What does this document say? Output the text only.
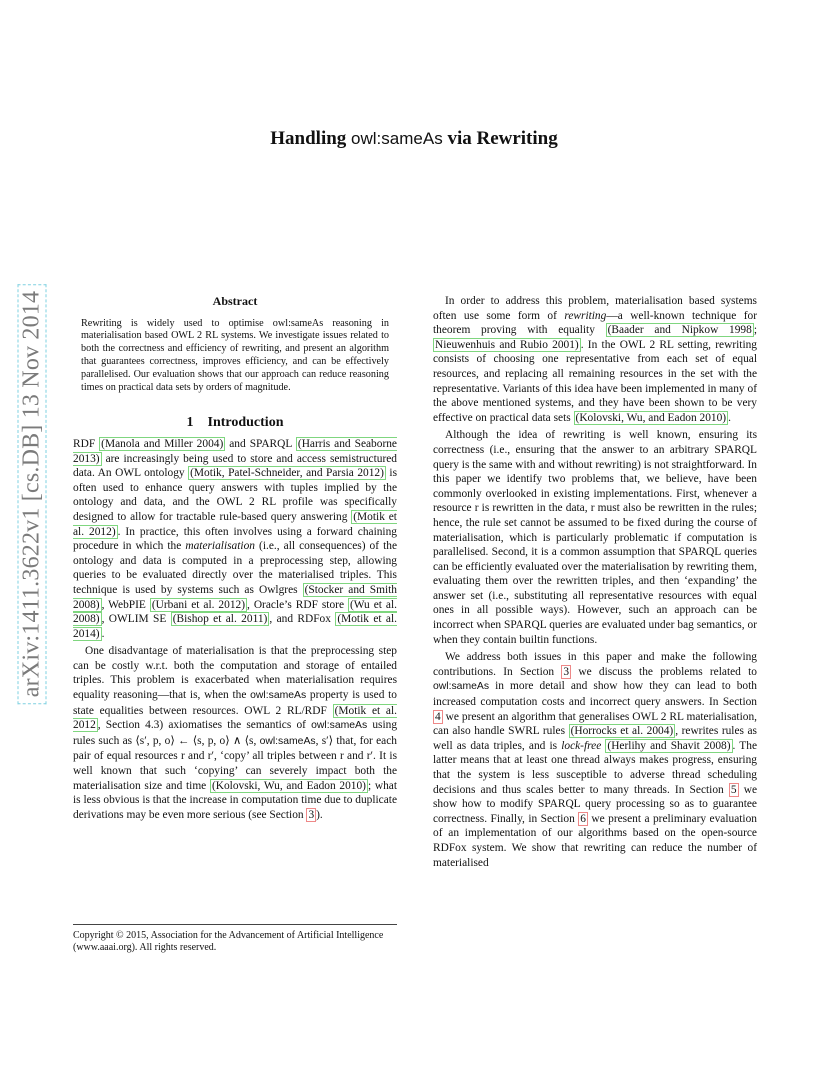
arXiv:1411.3622v1 [cs.DB] 13 Nov 2014
Handling owl:sameAs via Rewriting
Abstract

Rewriting is widely used to optimise owl:sameAs reasoning in materialisation based OWL 2 RL systems. We investigate issues related to both the correctness and efficiency of rewriting, and present an algorithm that guarantees correctness, improves efficiency, and can be effectively parallelised. Our evaluation shows that our approach can reduce reasoning times on practical data sets by orders of magnitude.

1 Introduction

RDF (Manola and Miller 2004) and SPARQL (Harris and Seaborne 2013) are increasingly being used to store and access semistructured data. An OWL ontology (Motik, Patel-Schneider, and Parsia 2012) is often used to enhance query answers with tuples implied by the ontology and data, and the OWL 2 RL profile was specifically designed to allow for tractable rule-based query answering (Motik et al. 2012) . In practice, this often involves using a forward chaining procedure in which the materialisation (i.e., all consequences) of the ontology and data is computed in a preprocessing step, allowing queries to be evaluated directly over the materialised triples. This technique is used by systems such as Owlgres (Stocker and Smith 2008) , WebPIE (Urbani et al. 2012) , Oracle’s RDF store (Wu et al. 2008) , OWLIM SE (Bishop et al. 2011) , and RDFox (Motik et al. 2014) .

One disadvantage of materialisation is that the preprocessing step can be costly w.r.t. both the computation and storage of entailed triples. This problem is exacerbated when materialisation requires equality reasoning—that is, when the owl:sameAs property is used to state equalities between resources. OWL 2 RL/RDF (Motik et al. 2012 , Section 4.3) axiomatises the semantics of owl:sameAs using rules such as ⟨s′, p, o⟩ ← ⟨s, p, o⟩ ∧ ⟨s, owl:sameAs, s′⟩ that, for each pair of equal resources r and r′, ‘copy’ all triples between r and r′. It is well known that such ‘copying’ can severely impact both the materialisation size and time (Kolovski, Wu, and Eadon 2010) ; what is less obvious is that the increase in computation time due to duplicate derivations may be even more serious (see Section 3 ).

Copyright © 2015, Association for the Advancement of Artificial Intelligence (www.aaai.org). All rights reserved.

In order to address this problem, materialisation based systems often use some form of rewriting—a well-known technique for theorem proving with equality (Baader and Nipkow 1998 ; Nieuwenhuis and Rubio 2001) . In the OWL 2 RL setting, rewriting consists of choosing one representative from each set of equal resources, and replacing all remaining resources in the set with the representative. Variants of this idea have been implemented in many of the above mentioned systems, and they have been shown to be very effective on practical data sets (Kolovski, Wu, and Eadon 2010) .

Although the idea of rewriting is well known, ensuring its correctness (i.e., ensuring that the answer to an arbitrary SPARQL query is the same with and without rewriting) is not straightforward. In this paper we identify two problems that, we believe, have been commonly overlooked in existing implementations. First, whenever a resource r is rewritten in the data, r must also be rewritten in the rules; hence, the rule set cannot be assumed to be fixed during the course of materialisation, which is particularly problematic if computation is parallelised. Second, it is a common assumption that SPARQL queries can be efficiently evaluated over the materialisation by rewriting them, evaluating them over the rewritten triples, and then ‘expanding’ the answer set (i.e., substituting all representative resources with equal ones in all possible ways). However, such an approach can be incorrect when SPARQL queries are evaluated under bag semantics, or when they contain builtin functions.

We address both issues in this paper and make the following contributions. In Section 3 we discuss the problems related to owl:sameAs in more detail and show how they can lead to both increased computation costs and incorrect query answers. In Section 4 we present an algorithm that generalises OWL 2 RL materialisation, can also handle SWRL rules (Horrocks et al. 2004) , rewrites rules as well as data triples, and is lock-free (Herlihy and Shavit 2008) . The latter means that at least one thread always makes progress, ensuring that the system is less susceptible to adverse thread scheduling decisions and thus scales better to many threads. In Section 5 we show how to modify SPARQL query processing so as to guarantee correctness. Finally, in Section 6 we present a preliminary evaluation of an implementation of our algorithms based on the open-source RDFox system. We show that rewriting can reduce the number of materialised
